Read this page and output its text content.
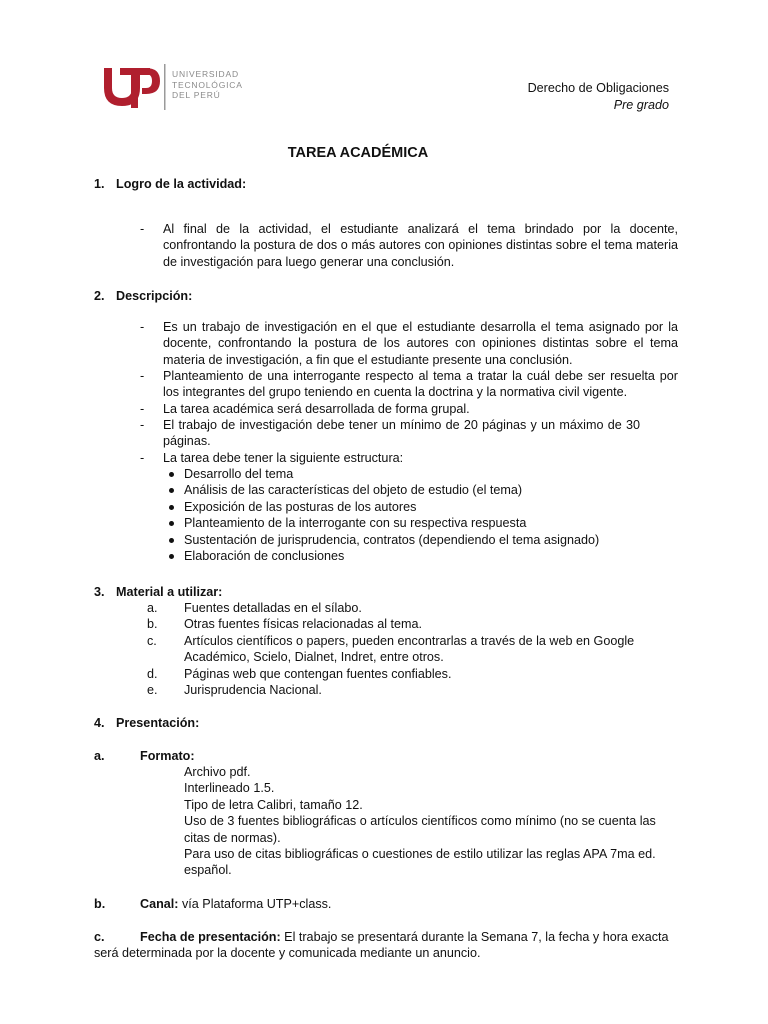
UNIVERSIDAD
TECNOLÓGICA
DEL PERÚ	Derecho de Obligaciones
Pre grado
TAREA ACADÉMICA
1. Logro de la actividad:
- Al final de la actividad, el estudiante analizará el tema brindado por la docente, confrontando la postura de dos o más autores con opiniones distintas sobre el tema materia de investigación para luego generar una conclusión.
2. Descripción:
- Es un trabajo de investigación en el que el estudiante desarrolla el tema asignado por la docente, confrontando la postura de los autores con opiniones distintas sobre el tema materia de investigación, a fin que el estudiante presente una conclusión.
- Planteamiento de una interrogante respecto al tema a tratar la cuál debe ser resuelta por los integrantes del grupo teniendo en cuenta la doctrina y la normativa civil vigente.
- La tarea académica será desarrollada de forma grupal.
- El trabajo de investigación debe tener un mínimo de 20 páginas y un máximo de 30 páginas.
- La tarea debe tener la siguiente estructura:
Desarrollo del tema
Análisis de las características del objeto de estudio (el tema)
Exposición de las posturas de los autores
Planteamiento de la interrogante con su respectiva respuesta
Sustentación de jurisprudencia, contratos (dependiendo el tema asignado)
Elaboración de conclusiones
3. Material a utilizar:
a. Fuentes detalladas en el sílabo.
b. Otras fuentes físicas relacionadas al tema.
c. Artículos científicos o papers, pueden encontrarlas a través de la web en Google Académico, Scielo, Dialnet, Indret, entre otros.
d. Páginas web que contengan fuentes confiables.
e. Jurisprudencia Nacional.
4. Presentación:
a.	Formato:
Archivo pdf.
Interlineado 1.5.
Tipo de letra Calibri, tamaño 12.
Uso de 3 fuentes bibliográficas o artículos científicos como mínimo (no se cuenta las citas de normas).
Para uso de citas bibliográficas o cuestiones de estilo utilizar las reglas APA 7ma ed. español.
b.	Canal: vía Plataforma UTP+class.
c.	Fecha de presentación: El trabajo se presentará durante la Semana 7, la fecha y hora exacta
será determinada por la docente y comunicada mediante un anuncio.
